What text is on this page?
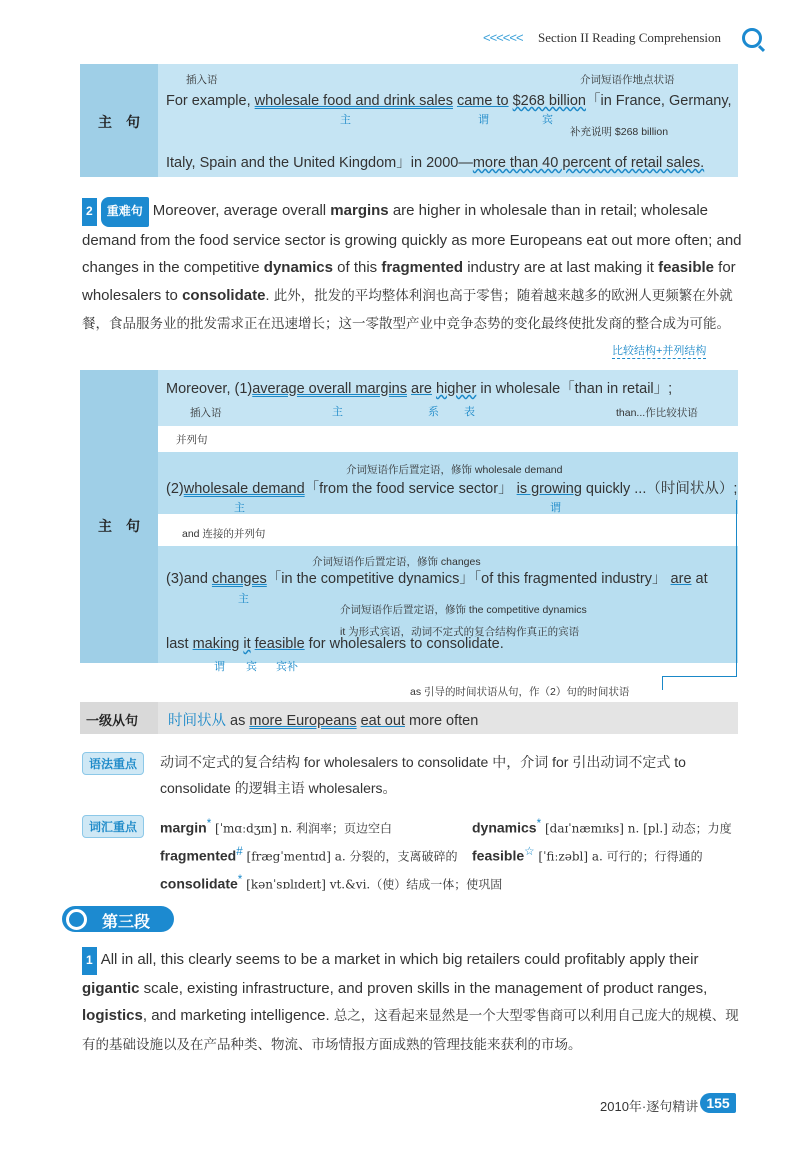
<<<<<< Section II Reading Comprehension
主　句
插入语	介词短语作地点状语
For example, wholesale food and drink sales came to $268 billion「in France, Germany,
主	谓	宾
补充说明 $268 billion
Italy, Spain and the United Kingdom」in 2000—more than 40 percent of retail sales.
2 重难句 Moreover, average overall margins are higher in wholesale than in retail; wholesale demand from the food service sector is growing quickly as more Europeans eat out more often; and changes in the competitive dynamics of this fragmented industry are at last making it feasible for wholesalers to consolidate. 此外，批发的平均整体利润也高于零售；随着越来越多的欧洲人更频繁在外就餐，食品服务业的批发需求正在迅速增长；这一零散型产业中竞争态势的变化最终使批发商的整合成为可能。
比较结构+并列结构
主　句
Moreover, (1)average overall margins are higher in wholesale「than in retail」;
插入语	主	系 表	than...作比较状语
并列句
介词短语作后置定语，修饰 wholesale demand
(2)wholesale demand「from the food service sector」 is growing quickly ...（时间状从）;
主	谓
and 连接的并列句
介词短语作后置定语，修饰 changes
(3)and changes「in the competitive dynamics」「of this fragmented industry」 are at
主
介词短语作后置定语，修饰 the competitive dynamics
it 为形式宾语，动词不定式的复合结构作真正的宾语
last making it feasible for wholesalers to consolidate.
谓 宾 宾补
as 引导的时间状语从句，作（2）句的时间状语
一级从句 时间状从 as more Europeans eat out more often
语法重点	动词不定式的复合结构 for wholesalers to consolidate 中，介词 for 引出动词不定式 to consolidate 的逻辑主语 wholesalers。
词汇重点	margin* [ˈmɑːdʒɪn] n. 利润率；页边空白	dynamics* [daɪˈnæmɪks] n. [pl.] 动态；力度
fragmented# [frægˈmentɪd] a. 分裂的，支离破碎的 feasible☆ [ˈfiːzəbl] a. 可行的；行得通的
consolidate* [kənˈsɒlɪdeɪt] vt.&vi.（使）结成一体；使巩固
第三段
1 All in all, this clearly seems to be a market in which big retailers could profitably apply their gigantic scale, existing infrastructure, and proven skills in the management of product ranges, logistics, and marketing intelligence. 总之，这看起来显然是一个大型零售商可以利用自己庞大的规模、现有的基础设施以及在产品种类、物流、市场情报方面成熟的管理技能来获利的市场。
2010年·逐句精讲 155
